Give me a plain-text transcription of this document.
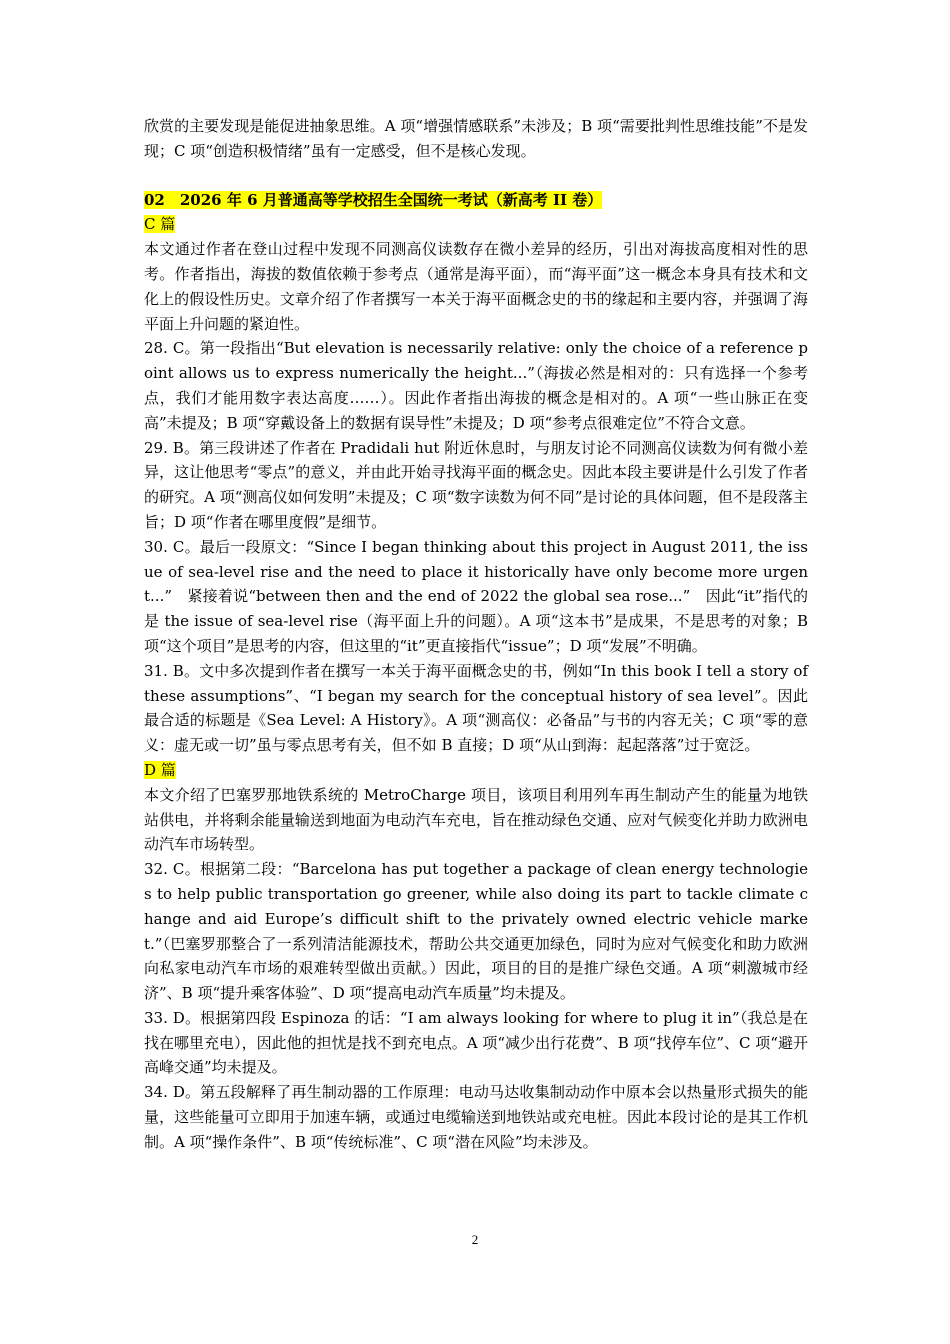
欣赏的主要发现是能促进抽象思维。A 项“增强情感联系”未涉及；B 项“需要批判性思维技能”不是发现；C 项“创造积极情绪”虽有一定感受，但不是核心发现。

02　2026 年 6 月普通高等学校招生全国统一考试（新高考 II 卷）

C 篇

本文通过作者在登山过程中发现不同测高仪读数存在微小差异的经历，引出对海拔高度相对性的思考。作者指出，海拔的数值依赖于参考点（通常是海平面），而“海平面”这一概念本身具有技术和文化上的假设性历史。文章介绍了作者撰写一本关于海平面概念史的书的缘起和主要内容，并强调了海平面上升问题的紧迫性。

28. C。第一段指出“But elevation is necessarily relative: only the choice of a reference point allows us to express numerically the height...”（海拔必然是相对的：只有选择一个参考点，我们才能用数字表达高度……）。因此作者指出海拔的概念是相对的。A 项“一些山脉正在变高”未提及；B 项“穿戴设备上的数据有误导性”未提及；D 项“参考点很难定位”不符合文意。

29. B。第三段讲述了作者在 Pradidali hut 附近休息时，与朋友讨论不同测高仪读数为何有微小差异，这让他思考“零点”的意义，并由此开始寻找海平面的概念史。因此本段主要讲是什么引发了作者的研究。A 项“测高仪如何发明”未提及；C 项“数字读数为何不同”是讨论的具体问题，但不是段落主旨；D 项“作者在哪里度假”是细节。

30. C。最后一段原文：“Since I began thinking about this project in August 2011, the issue of sea-level rise and the need to place it historically have only become more urgent...”　紧接着说“between then and the end of 2022 the global sea rose...”　因此“it”指代的是 the issue of sea-level rise（海平面上升的问题）。A 项“这本书”是成果，不是思考的对象；B 项“这个项目”是思考的内容，但这里的“it”更直接指代“issue”；D 项“发展”不明确。

31. B。文中多次提到作者在撰写一本关于海平面概念史的书，例如“In this book I tell a story of these assumptions”、“I began my search for the conceptual history of sea level”。因此最合适的标题是《Sea Level: A History》。A 项“测高仪：必备品”与书的内容无关；C 项“零的意义：虚无或一切”虽与零点思考有关，但不如 B 直接；D 项“从山到海：起起落落”过于宽泛。

D 篇

本文介绍了巴塞罗那地铁系统的 MetroCharge 项目，该项目利用列车再生制动产生的能量为地铁站供电，并将剩余能量输送到地面为电动汽车充电，旨在推动绿色交通、应对气候变化并助力欧洲电动汽车市场转型。

32. C。根据第二段：“Barcelona has put together a package of clean energy technologies to help public transportation go greener, while also doing its part to tackle climate change and aid Europe’s difficult shift to the privately owned electric vehicle market.”（巴塞罗那整合了一系列清洁能源技术，帮助公共交通更加绿色，同时为应对气候变化和助力欧洲向私家电动汽车市场的艰难转型做出贡献。）因此，项目的目的是推广绿色交通。A 项“刺激城市经济”、B 项“提升乘客体验”、D 项“提高电动汽车质量”均未提及。

33. D。根据第四段 Espinoza 的话：“I am always looking for where to plug it in”（我总是在找在哪里充电），因此他的担忧是找不到充电点。A 项“减少出行花费”、B 项“找停车位”、C 项“避开高峰交通”均未提及。

34. D。第五段解释了再生制动器的工作原理：电动马达收集制动动作中原本会以热量形式损失的能量，这些能量可立即用于加速车辆，或通过电缆输送到地铁站或充电桩。因此本段讨论的是其工作机制。A 项“操作条件”、B 项“传统标准”、C 项“潜在风险”均未涉及。

2
